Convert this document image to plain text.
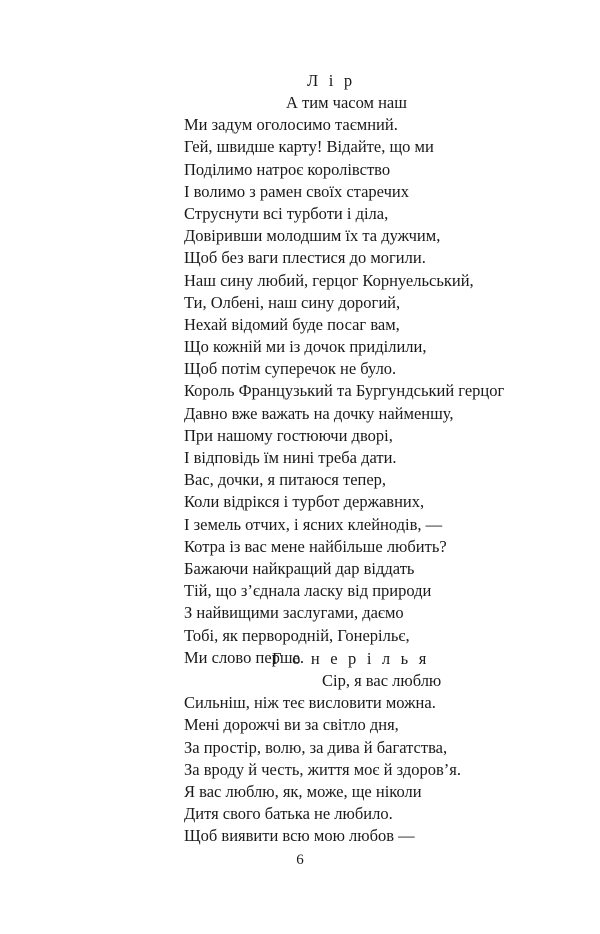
Л і р
А тим часом наш
Ми задум оголосимо таємний.
Гей, швидше карту! Відайте, що ми
Поділимо натроє королівство
І волимо з рамен своїх старечих
Струснути всі турботи і діла,
Довіривши молодшим їх та дужчим,
Щоб без ваги плестися до могили.
Наш сину любий, герцог Корнуельський,
Ти, Олбені, наш сину дорогий,
Нехай відомий буде посаг вам,
Що кожній ми із дочок приділили,
Щоб потім суперечок не було.
Король Французький та Бургундський герцог
Давно вже важать на дочку найменшу,
При нашому гостюючи дворі,
І відповідь їм нині треба дати.
Вас, дочки, я питаюся тепер,
Коли відрікся і турбот державних,
І земель отчих, і ясних клейнодів, —
Котра із вас мене найбільше любить?
Бажаючи найкращий дар віддать
Тій, що з’єднала ласку від природи
З найвищими заслугами, даємо
Тобі, як первородній, Гонерільє,
Ми слово перше.
Г о н е р і л ь я
Сір, я вас люблю
Сильніш, ніж теє висловити можна.
Мені дорожчі ви за світло дня,
За простір, волю, за дива й багатства,
За вроду й честь, життя моє й здоров’я.
Я вас люблю, як, може, ще ніколи
Дитя свого батька не любило.
Щоб виявити всю мою любов —
6
